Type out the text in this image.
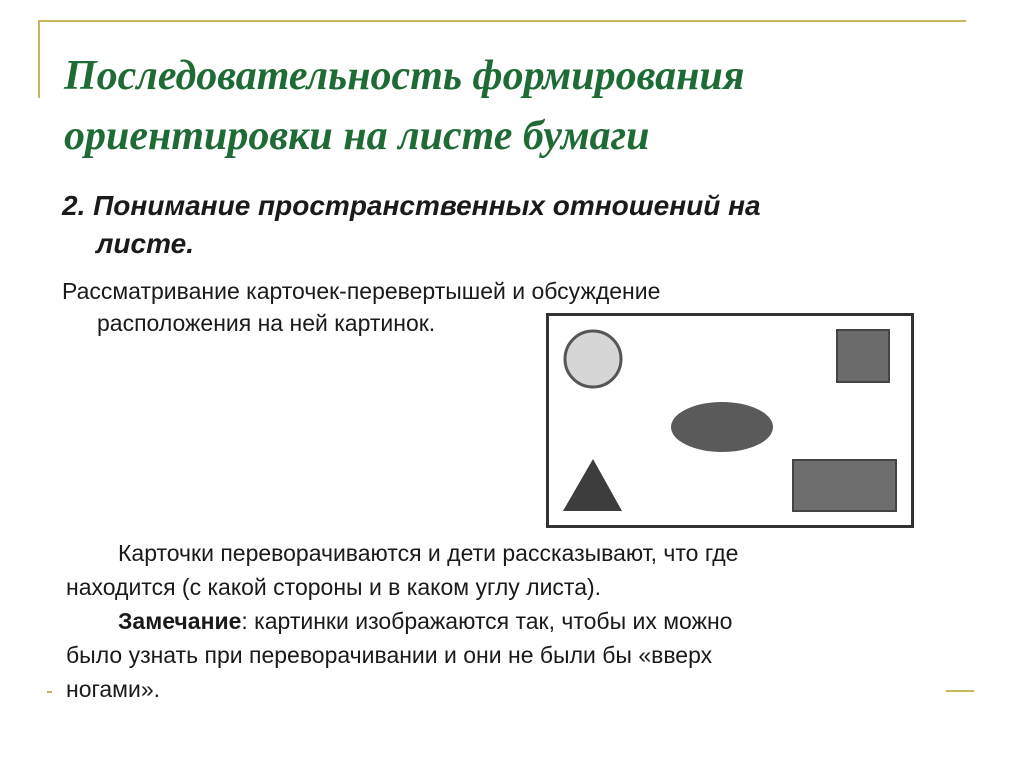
Последовательность формирования
ориентировки на листе бумаги
2. Понимание пространственных отношений на
листе.
Рассматривание карточек-перевертышей и обсуждение
расположения на ней картинок.
Карточки переворачиваются и дети рассказывают, что где
находится (с какой стороны и в каком углу листа).
Замечание: картинки изображаются так, чтобы их можно
было узнать при переворачивании и они не были бы «вверх
ногами».
